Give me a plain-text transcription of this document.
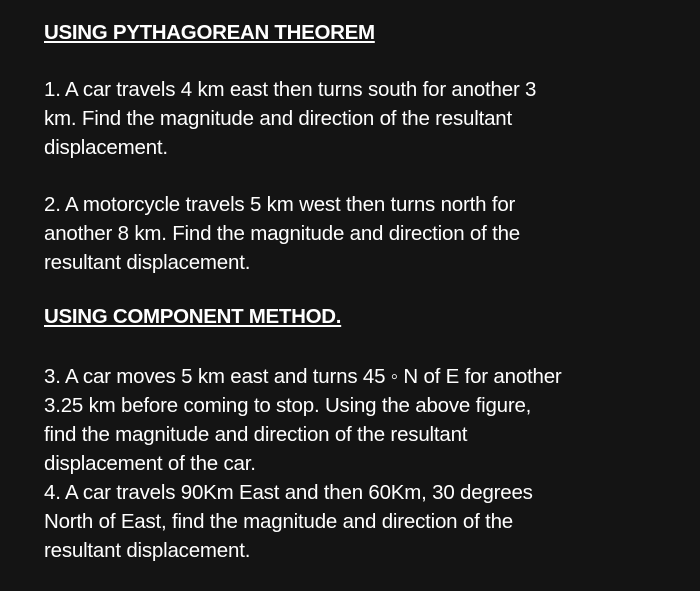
USING PYTHAGOREAN THEOREM

1. A car travels 4 km east then turns south for another 3
km. Find the magnitude and direction of the resultant
displacement.

2. A motorcycle travels 5 km west then turns north for
another 8 km. Find the magnitude and direction of the
resultant displacement.

USING COMPONENT METHOD.

3. A car moves 5 km east and turns 45 ◦ N of E for another
3.25 km before coming to stop. Using the above figure,
find the magnitude and direction of the resultant
displacement of the car.

4. A car travels 90Km East and then 60Km, 30 degrees
North of East, find the magnitude and direction of the
resultant displacement.
